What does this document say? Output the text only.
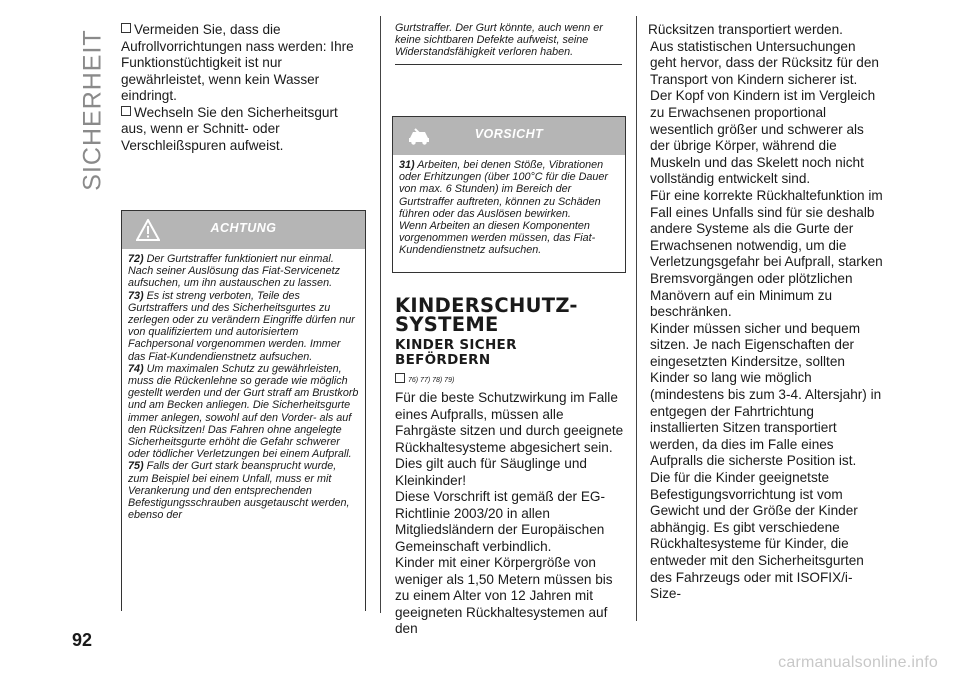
SICHERHEIT	Vermeiden Sie, dass die Aufrollvorrichtungen nass werden: Ihre Funktionstüchtigkeit ist nur gewährleistet, wenn kein Wasser eindringt.

Wechseln Sie den Sicherheitsgurt aus, wenn er Schnitt- oder Verschleißspuren aufweist.

ACHTUNG

72) Der Gurtstraffer funktioniert nur einmal. Nach seiner Auslösung das Fiat-Servicenetz aufsuchen, um ihn austauschen zu lassen.

73) Es ist streng verboten, Teile des Gurtstraffers und des Sicherheitsgurtes zu zerlegen oder zu verändern Eingriffe dürfen nur von qualifiziertem und autorisiertem Fachpersonal vorgenommen werden. Immer das Fiat-Kundendienstnetz aufsuchen.

74) Um maximalen Schutz zu gewährleisten, muss die Rückenlehne so gerade wie möglich gestellt werden und der Gurt straff am Brustkorb und am Becken anliegen. Die Sicherheitsgurte immer anlegen, sowohl auf den Vorder- als auf den Rücksitzen! Das Fahren ohne angelegte Sicherheitsgurte erhöht die Gefahr schwerer oder tödlicher Verletzungen bei einem Aufprall.

75) Falls der Gurt stark beansprucht wurde, zum Beispiel bei einem Unfall, muss er mit Verankerung und den entsprechenden Befestigungsschrauben ausgetauscht werden, ebenso der

Gurtstraffer. Der Gurt könnte, auch wenn er keine sichtbaren Defekte aufweist, seine Widerstandsfähigkeit verloren haben.
VORSICHT

31) Arbeiten, bei denen Stöße, Vibrationen oder Erhitzungen (über 100°C für die Dauer von max. 6 Stunden) im Bereich der Gurtstraffer auftreten, können zu Schäden führen oder das Auslösen bewirken.

Wenn Arbeiten an diesen Komponenten vorgenommen werden müssen, das Fiat-Kundendienstnetz aufsuchen.

KINDERSCHUTZ-
SYSTEME
KINDER SICHER
BEFÖRDERN
76) 77) 78) 79)

Für die beste Schutzwirkung im Falle eines Aufpralls, müssen alle Fahrgäste sitzen und durch geeignete Rückhaltesysteme abgesichert sein. Dies gilt auch für Säuglinge und Kleinkinder!

Diese Vorschrift ist gemäß der EG-Richtlinie 2003/20 in allen Mitgliedsländern der Europäischen Gemeinschaft verbindlich.

Kinder mit einer Körpergröße von weniger als 1,50 Metern müssen bis zu einem Alter von 12 Jahren mit geeigneten Rückhaltesystemen auf den

Rücksitzen transportiert werden.

Aus statistischen Untersuchungen geht hervor, dass der Rücksitz für den Transport von Kindern sicherer ist.

Der Kopf von Kindern ist im Vergleich zu Erwachsenen proportional wesentlich größer und schwerer als der übrige Körper, während die Muskeln und das Skelett noch nicht vollständig entwickelt sind.

Für eine korrekte Rückhaltefunktion im Fall eines Unfalls sind für sie deshalb andere Systeme als die Gurte der Erwachsenen notwendig, um die Verletzungsgefahr bei Aufprall, starken Bremsvorgängen oder plötzlichen Manövern auf ein Minimum zu beschränken.

Kinder müssen sicher und bequem sitzen. Je nach Eigenschaften der eingesetzten Kindersitze, sollten Kinder so lang wie möglich (mindestens bis zum 3-4. Altersjahr) in entgegen der Fahrtrichtung installierten Sitzen transportiert werden, da dies im Falle eines Aufpralls die sicherste Position ist.

Die für die Kinder geeignetste Befestigungsvorrichtung ist vom Gewicht und der Größe der Kinder abhängig. Es gibt verschiedene Rückhaltesysteme für Kinder, die entweder mit den Sicherheitsgurten des Fahrzeugs oder mit ISOFIX/i-Size-

92
carmanualsonline.info
